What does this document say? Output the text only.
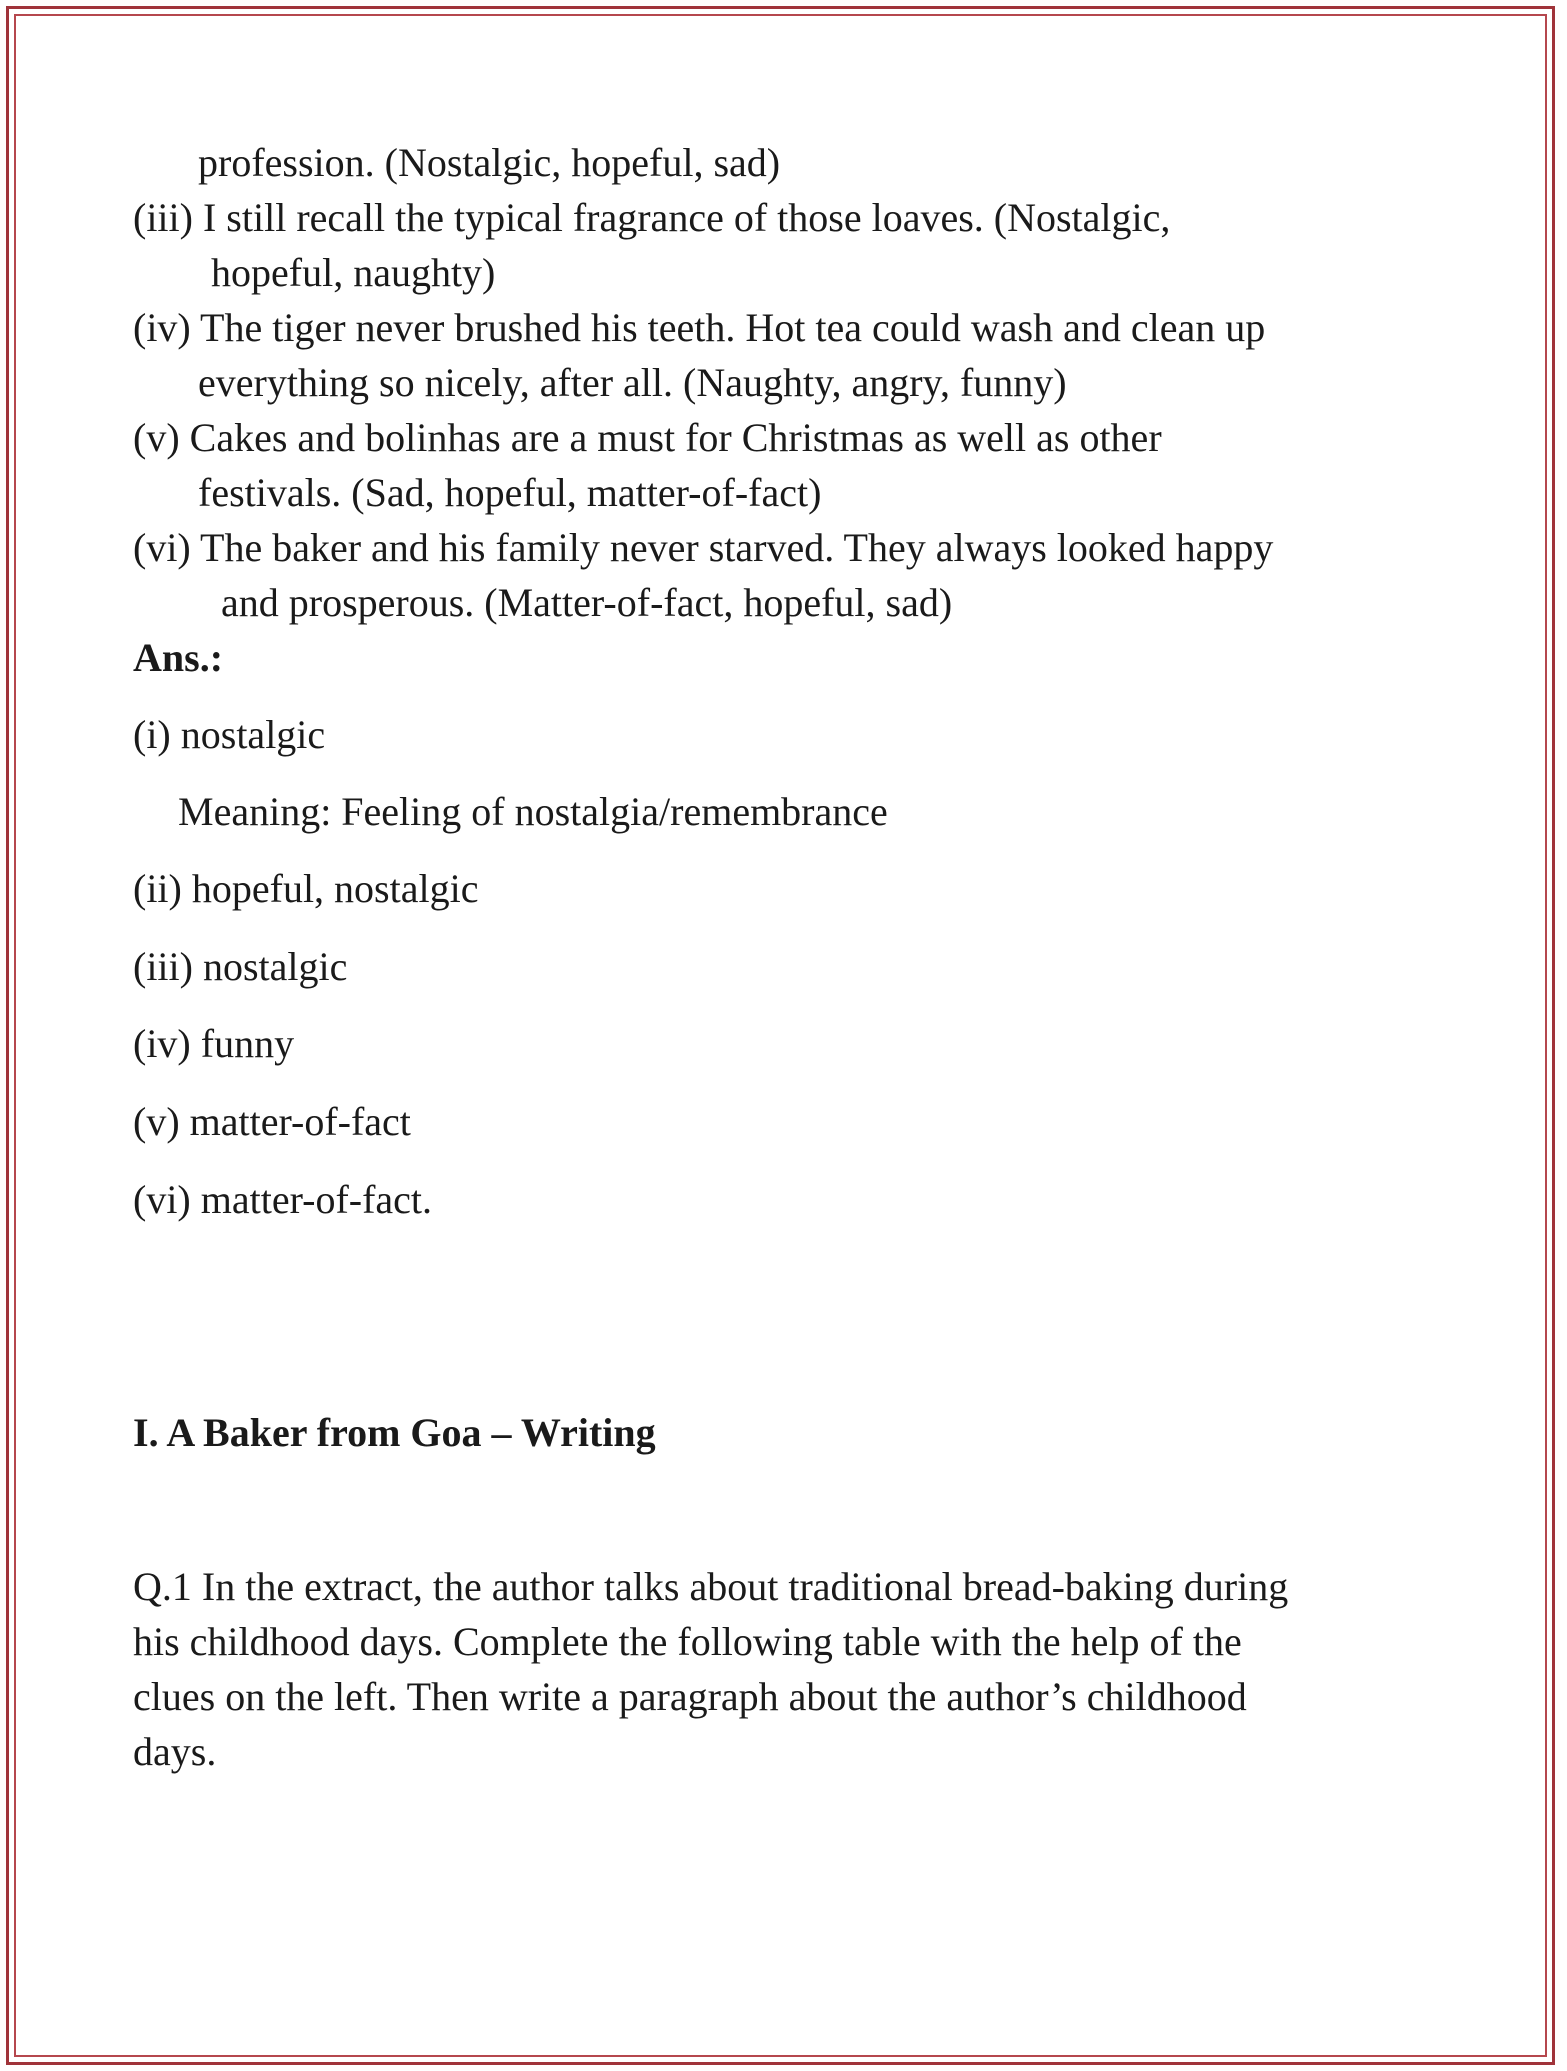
profession. (Nostalgic, hopeful, sad)
(iii) I still recall the typical fragrance of those loaves. (Nostalgic,
hopeful, naughty)
(iv) The tiger never brushed his teeth. Hot tea could wash and clean up
everything so nicely, after all. (Naughty, angry, funny)
(v) Cakes and bolinhas are a must for Christmas as well as other
festivals. (Sad, hopeful, matter-of-fact)
(vi) The baker and his family never starved. They always looked happy
and prosperous. (Matter-of-fact, hopeful, sad)
Ans.:
(i) nostalgic
Meaning: Feeling of nostalgia/remembrance
(ii) hopeful, nostalgic
(iii) nostalgic
(iv) funny
(v) matter-of-fact
(vi) matter-of-fact.
I. A Baker from Goa – Writing
Q.1 In the extract, the author talks about traditional bread-baking during
his childhood days. Complete the following table with the help of the
clues on the left. Then write a paragraph about the author’s childhood
days.
